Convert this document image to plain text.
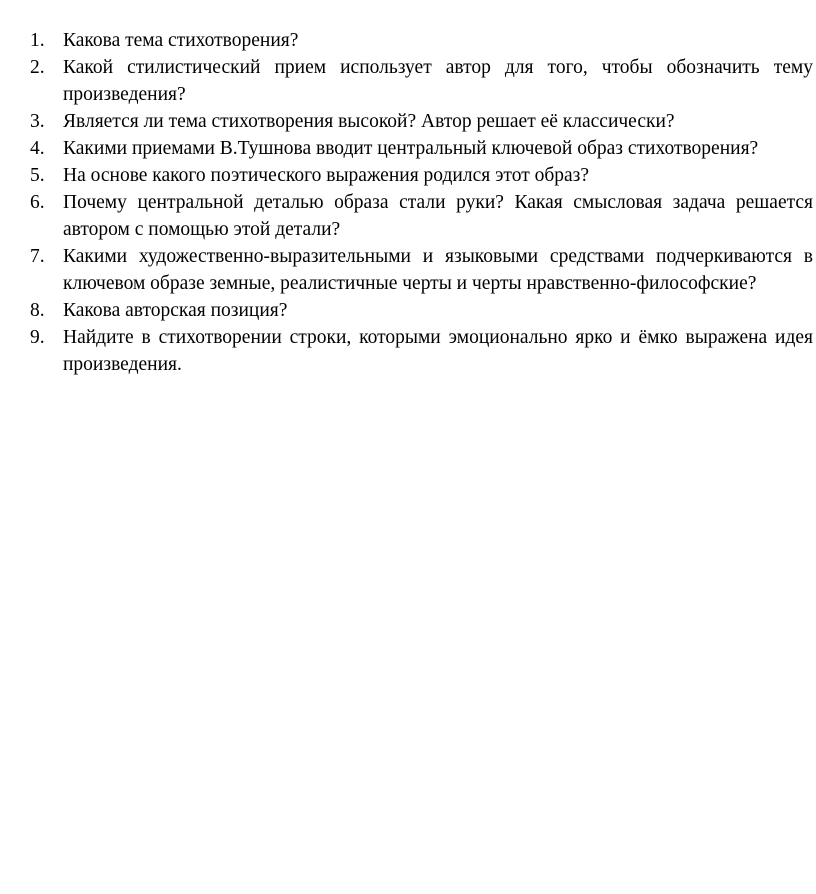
1. Какова тема стихотворения?
2. Какой стилистический прием использует автор для того, чтобы обозначить тему произведения?
3. Является ли тема стихотворения высокой? Автор решает её классически?
4. Какими приемами В.Тушнова вводит центральный ключевой образ стихотворения?
5. На основе какого поэтического выражения родился этот образ?
6. Почему центральной деталью образа стали руки? Какая смысловая задача решается автором с помощью этой детали?
7. Какими художественно-выразительными и языковыми средствами подчеркиваются в ключевом образе земные, реалистичные черты и черты нравственно-философские?
8. Какова авторская позиция?
9. Найдите в стихотворении строки, которыми эмоционально ярко и ёмко выражена идея произведения.
